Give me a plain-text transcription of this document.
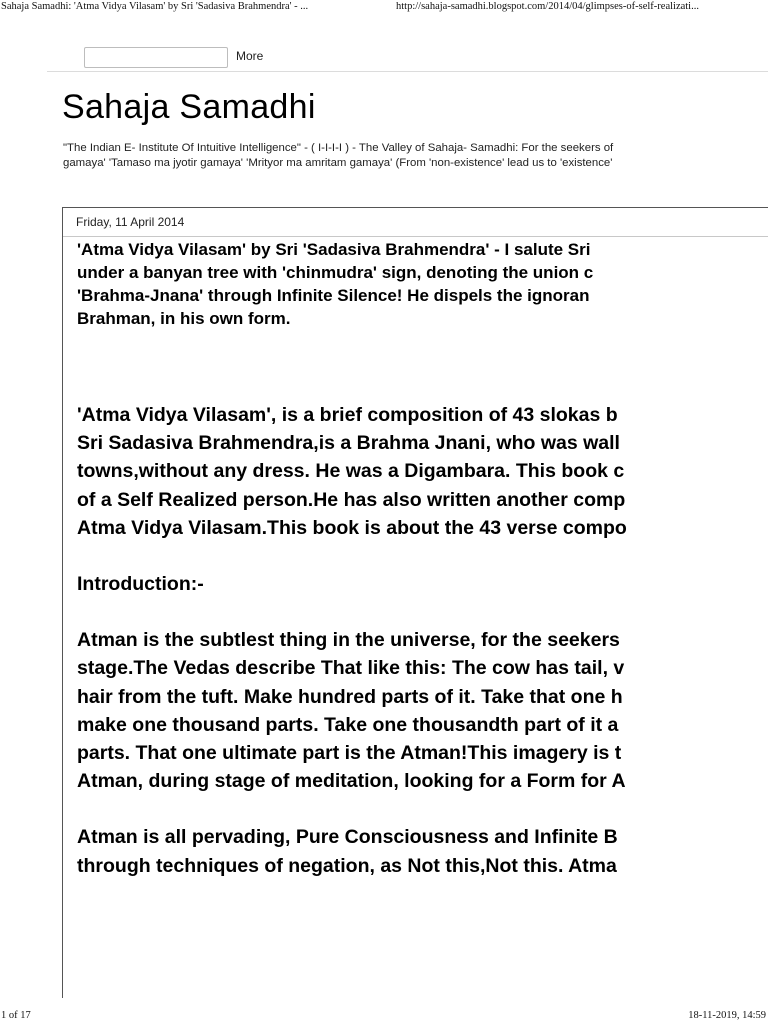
Sahaja Samadhi: 'Atma Vidya Vilasam' by Sri 'Sadasiva Brahmendra' - ...	http://sahaja-samadhi.blogspot.com/2014/04/glimpses-of-self-realizati...
More
Sahaja Samadhi
"The Indian E- Institute Of Intuitive Intelligence" - ( I-I-I-I ) - The Valley of Sahaja- Samadhi: For the seekers of
gamaya' 'Tamaso ma jyotir gamaya' 'Mrityor ma amritam gamaya' (From 'non-existence' lead us to 'existence'
Friday, 11 April 2014
'Atma Vidya Vilasam' by Sri 'Sadasiva Brahmendra' - I salute Sri
under a banyan tree with 'chinmudra' sign, denoting the union c
'Brahma-Jnana' through Infinite Silence! He dispels the ignoran
Brahman, in his own form.
'Atma Vidya Vilasam', is a brief composition of 43 slokas b
Sri Sadasiva Brahmendra,is a Brahma Jnani, who was wall
towns,without any dress. He was a Digambara. This book c
of a Self Realized person.He has also written another comp
Atma Vidya Vilasam.This book is about the 43 verse compo
Introduction:-
Atman is the subtlest thing in the universe, for the seekers
stage.The Vedas describe That like this: The cow has tail, v
hair from the tuft. Make hundred parts of it. Take that one h
make one thousand parts. Take one thousandth part of it a
parts. That one ultimate part is the Atman!This imagery is t
Atman, during stage of meditation, looking for a Form for A
Atman is all pervading, Pure Consciousness and Infinite B
through techniques of negation, as Not this,Not this. Atma
1 of 17	18-11-2019, 14:59
